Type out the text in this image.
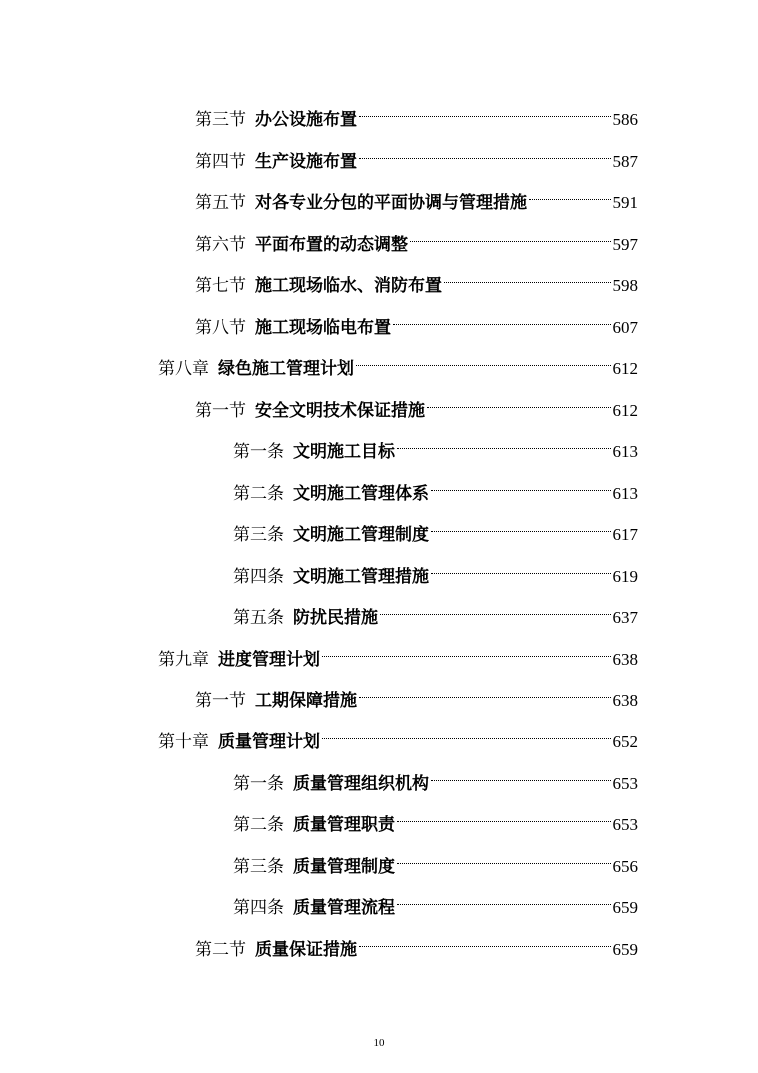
第三节 办公设施布置	586
第四节 生产设施布置	587
第五节 对各专业分包的平面协调与管理措施	591
第六节 平面布置的动态调整	597
第七节 施工现场临水、消防布置	598
第八节 施工现场临电布置	607
第八章 绿色施工管理计划	612
第一节 安全文明技术保证措施	612
第一条 文明施工目标	613
第二条 文明施工管理体系	613
第三条 文明施工管理制度	617
第四条 文明施工管理措施	619
第五条 防扰民措施	637
第九章 进度管理计划	638
第一节 工期保障措施	638
第十章 质量管理计划	652
第一条 质量管理组织机构	653
第二条 质量管理职责	653
第三条 质量管理制度	656
第四条 质量管理流程	659
第二节 质量保证措施	659
10
